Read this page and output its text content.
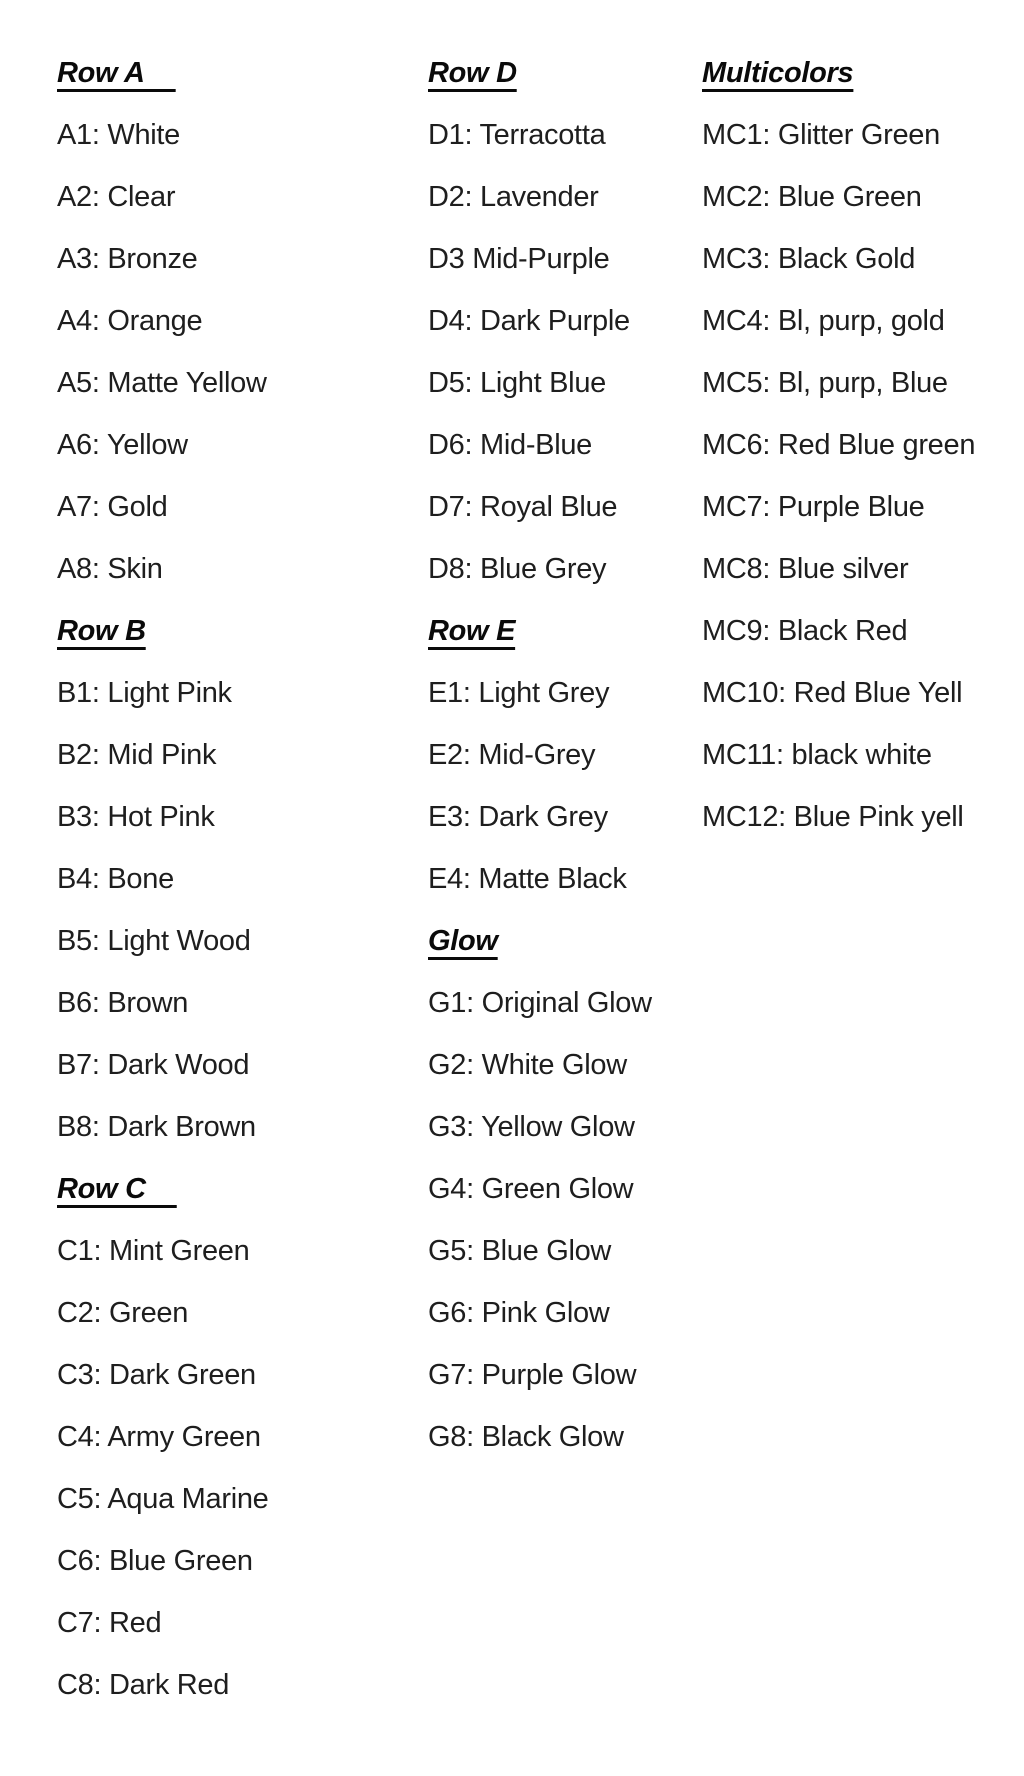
Row A
A1: White
A2: Clear
A3: Bronze
A4: Orange
A5: Matte Yellow
A6: Yellow
A7: Gold
A8: Skin
Row B
B1: Light Pink
B2: Mid Pink
B3: Hot Pink
B4: Bone
B5: Light Wood
B6: Brown
B7: Dark Wood
B8: Dark Brown
Row C
C1: Mint Green
C2: Green
C3: Dark Green
C4: Army Green
C5: Aqua Marine
C6: Blue Green
C7: Red
C8: Dark Red
Row D
D1: Terracotta
D2: Lavender
D3 Mid-Purple
D4: Dark Purple
D5: Light Blue
D6: Mid-Blue
D7: Royal Blue
D8: Blue Grey
Row E
E1: Light Grey
E2: Mid-Grey
E3: Dark Grey
E4: Matte Black
Glow
G1: Original Glow
G2: White Glow
G3: Yellow Glow
G4: Green Glow
G5: Blue Glow
G6: Pink Glow
G7: Purple Glow
G8: Black Glow
Multicolors
MC1: Glitter Green
MC2: Blue Green
MC3: Black Gold
MC4: Bl, purp, gold
MC5: Bl, purp, Blue
MC6: Red Blue green
MC7: Purple Blue
MC8: Blue silver
MC9: Black Red
MC10: Red Blue Yell
MC11: black white
MC12: Blue Pink yell
